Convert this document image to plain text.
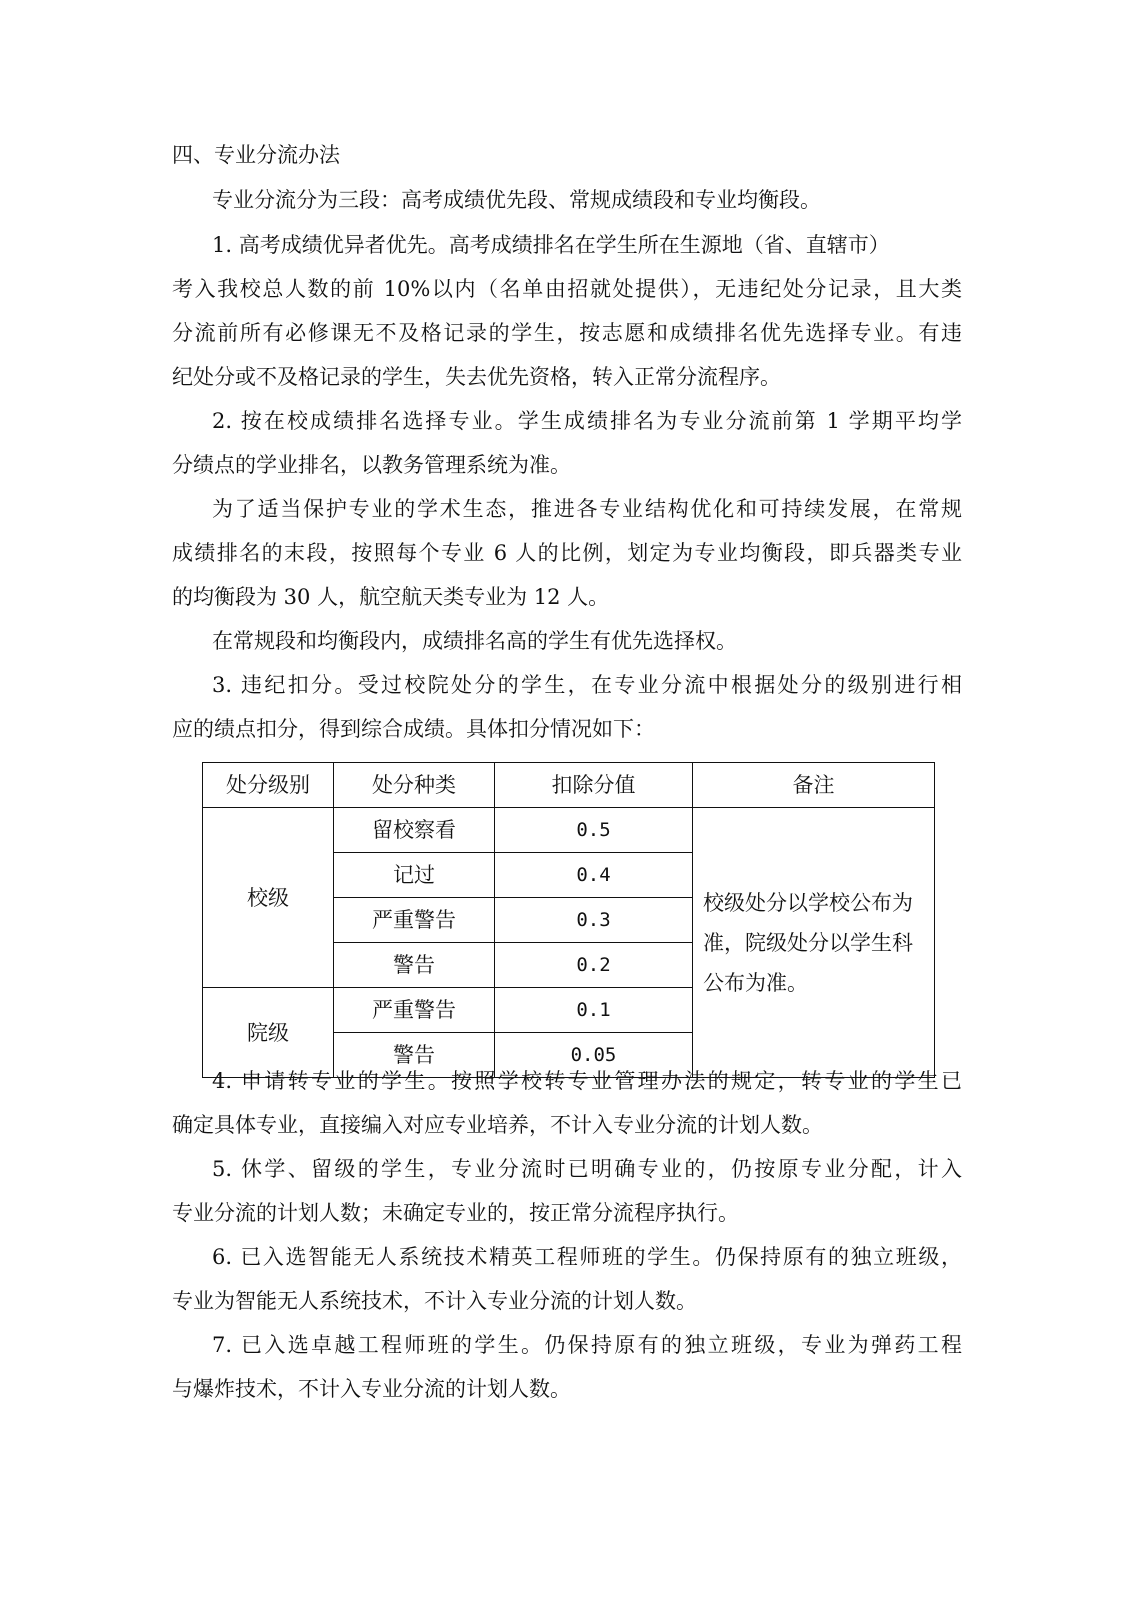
四、专业分流办法
专业分流分为三段：高考成绩优先段、常规成绩段和专业均衡段。
1. 高考成绩优异者优先。高考成绩排名在学生所在生源地（省、直辖市）
考入我校总人数的前 10%以内（名单由招就处提供），无违纪处分记录，且大类
分流前所有必修课无不及格记录的学生，按志愿和成绩排名优先选择专业。有违
纪处分或不及格记录的学生，失去优先资格，转入正常分流程序。
2. 按在校成绩排名选择专业。学生成绩排名为专业分流前第 1 学期平均学
分绩点的学业排名，以教务管理系统为准。
为了适当保护专业的学术生态，推进各专业结构优化和可持续发展，在常规
成绩排名的末段，按照每个专业 6 人的比例，划定为专业均衡段，即兵器类专业
的均衡段为 30 人，航空航天类专业为 12 人。
在常规段和均衡段内，成绩排名高的学生有优先选择权。
3. 违纪扣分。受过校院处分的学生，在专业分流中根据处分的级别进行相
应的绩点扣分，得到综合成绩。具体扣分情况如下：
处分级别	处分种类	扣除分值	备注
校级	留校察看	0.5	校级处分以学校公布为准，院级处分以学生科公布为准。
	记过	0.4	
	严重警告	0.3	
	警告	0.2	
院级	严重警告	0.1	
	警告	0.05	
4. 申请转专业的学生。按照学校转专业管理办法的规定，转专业的学生已
确定具体专业，直接编入对应专业培养，不计入专业分流的计划人数。
5. 休学、留级的学生，专业分流时已明确专业的，仍按原专业分配，计入
专业分流的计划人数；未确定专业的，按正常分流程序执行。
6. 已入选智能无人系统技术精英工程师班的学生。仍保持原有的独立班级，
专业为智能无人系统技术，不计入专业分流的计划人数。
7. 已入选卓越工程师班的学生。仍保持原有的独立班级，专业为弹药工程
与爆炸技术，不计入专业分流的计划人数。
